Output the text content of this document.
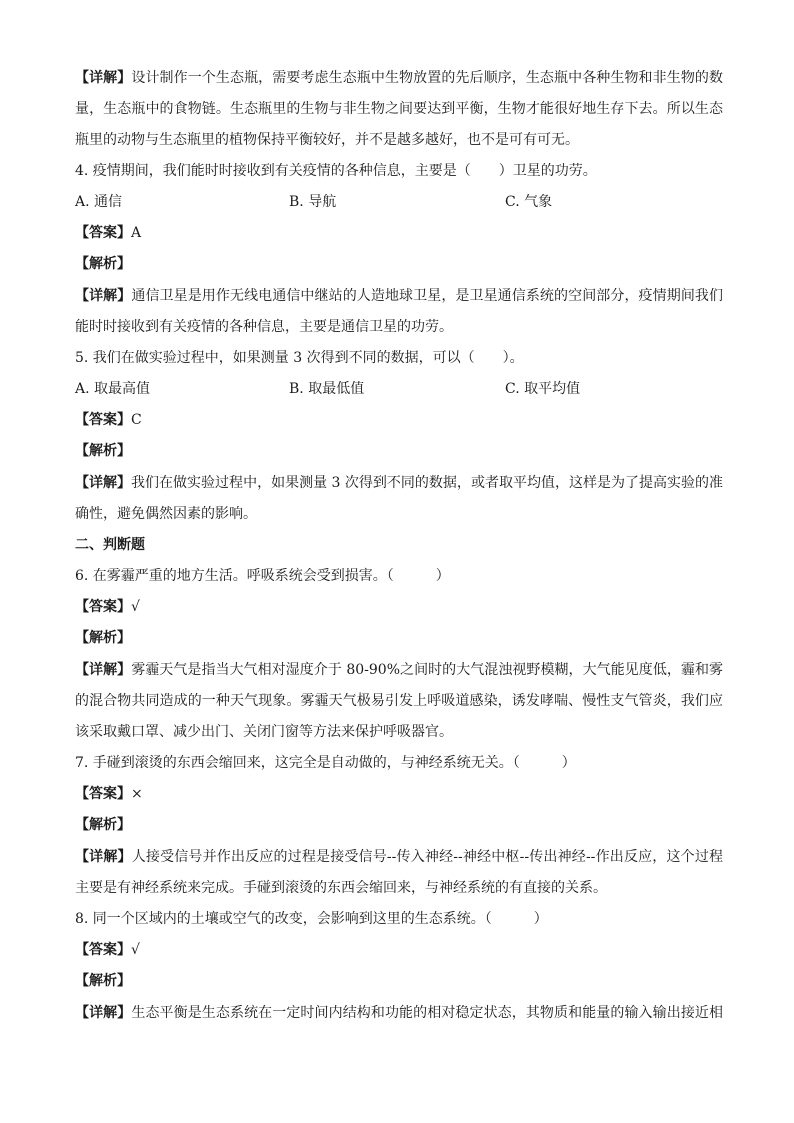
【详解】设计制作一个生态瓶，需要考虑生态瓶中生物放置的先后顺序，生态瓶中各种生物和非生物的数
量，生态瓶中的食物链。生态瓶里的生物与非生物之间要达到平衡，生物才能很好地生存下去。所以生态
瓶里的动物与生态瓶里的植物保持平衡较好，并不是越多越好，也不是可有可无。
4. 疫情期间，我们能时时接收到有关疫情的各种信息，主要是（　　）卫星的功劳。
A. 通信	B. 导航	C. 气象
【答案】A
【解析】
【详解】通信卫星是用作无线电通信中继站的人造地球卫星，是卫星通信系统的空间部分，疫情期间我们
能时时接收到有关疫情的各种信息，主要是通信卫星的功劳。
5. 我们在做实验过程中，如果测量 3 次得到不同的数据，可以（　　）。
A. 取最高值	B. 取最低值	C. 取平均值
【答案】C
【解析】
【详解】我们在做实验过程中，如果测量 3 次得到不同的数据，或者取平均值，这样是为了提高实验的准
确性，避免偶然因素的影响。
二、判断题
6. 在雾霾严重的地方生活。呼吸系统会受到损害。（　　　）
【答案】√
【解析】
【详解】雾霾天气是指当大气相对湿度介于 80-90%之间时的大气混浊视野模糊，大气能见度低，霾和雾
的混合物共同造成的一种天气现象。雾霾天气极易引发上呼吸道感染，诱发哮喘、慢性支气管炎，我们应
该采取戴口罩、减少出门、关闭门窗等方法来保护呼吸器官。
7. 手碰到滚烫的东西会缩回来，这完全是自动做的，与神经系统无关。（　　　）
【答案】×
【解析】
【详解】人接受信号并作出反应的过程是接受信号--传入神经--神经中枢--传出神经--作出反应，这个过程
主要是有神经系统来完成。手碰到滚烫的东西会缩回来，与神经系统的有直接的关系。
8. 同一个区域内的土壤或空气的改变，会影响到这里的生态系统。（　　　）
【答案】√
【解析】
【详解】生态平衡是生态系统在一定时间内结构和功能的相对稳定状态，其物质和能量的输入输出接近相
